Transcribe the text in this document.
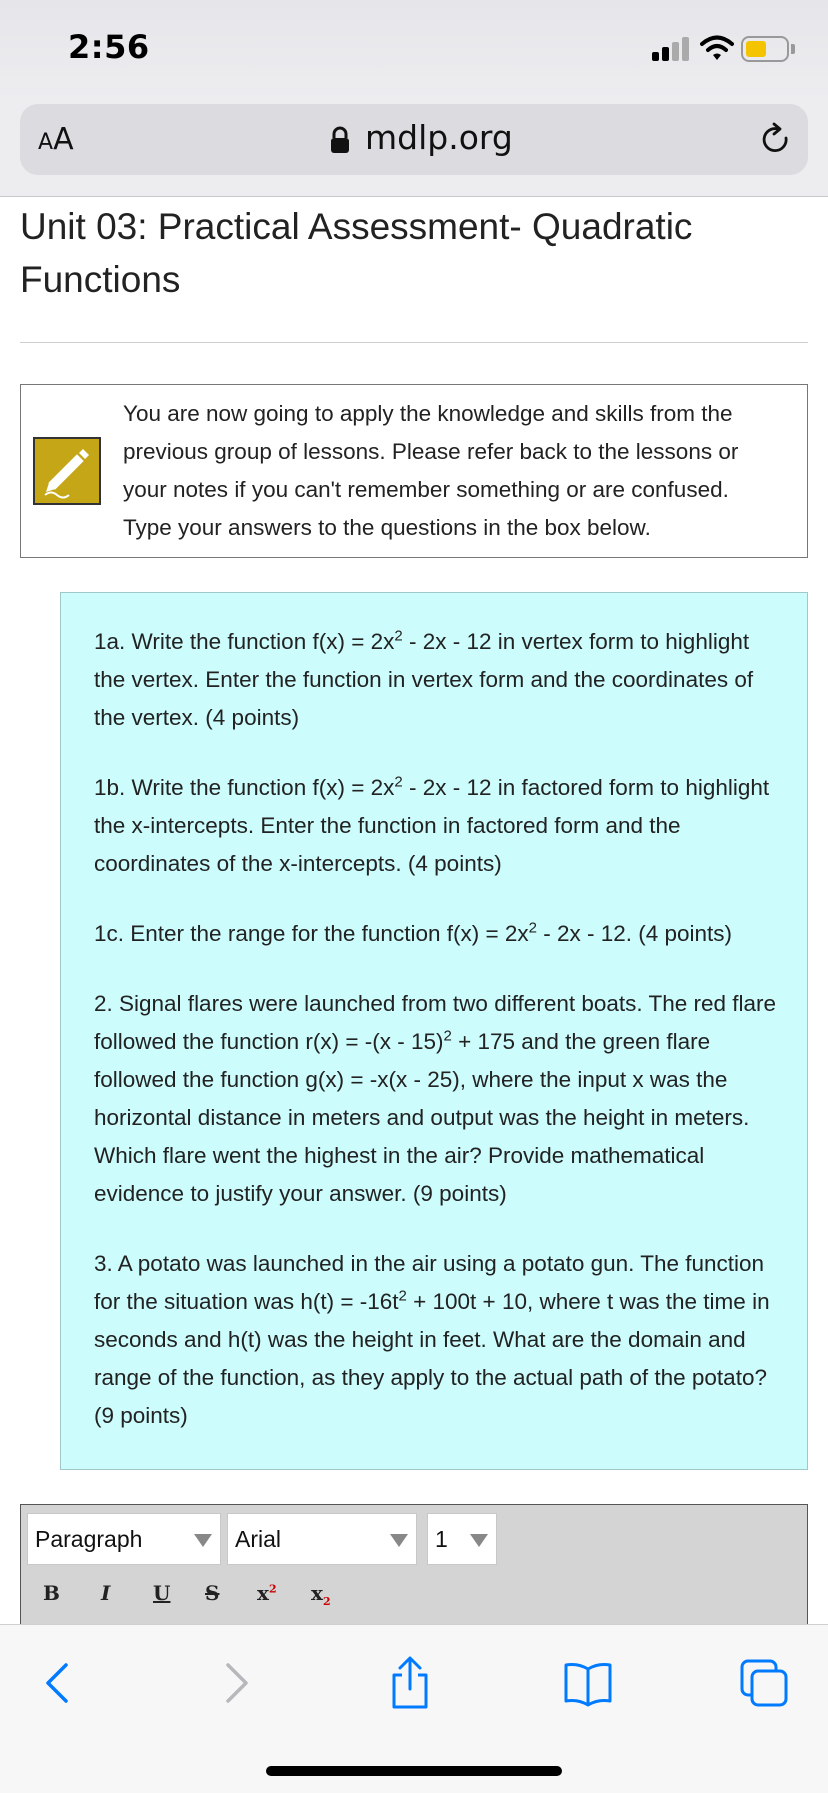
2:56
AA	mdlp.org
Unit 03: Practical Assessment- Quadratic Functions
You are now going to apply the knowledge and skills from the previous group of lessons. Please refer back to the lessons or your notes if you can't remember something or are confused. Type your answers to the questions in the box below.

1a. Write the function $f(x) = 2x^2 - 2x - 12$ in vertex form to highlight the vertex. Enter the function in vertex form and the coordinates of the vertex. (4 points)

1b. Write the function $f(x) = 2x^2 - 2x - 12$ in factored form to highlight the x-intercepts. Enter the function in factored form and the coordinates of the x-intercepts. (4 points)

1c. Enter the range for the function $f(x) = 2x^2 - 2x - 12$. (4 points)

2. Signal flares were launched from two different boats. The red flare followed the function r(x) = -(x - 15)$^2$ + 175 and the green flare followed the function g(x) = -x(x - 25), where the input x was the horizontal distance in meters and output was the height in meters. Which flare went the highest in the air? Provide mathematical evidence to justify your answer. (9 points)

3. A potato was launched in the air using a potato gun. The function for the situation was $h(t) = -16t^2 + 100t + 10$, where t was the time in seconds and h(t) was the height in feet. What are the domain and range of the function, as they apply to the actual path of the potato? (9 points)

Paragraph	Arial	1
B I U S $x^2$ $x_2$
